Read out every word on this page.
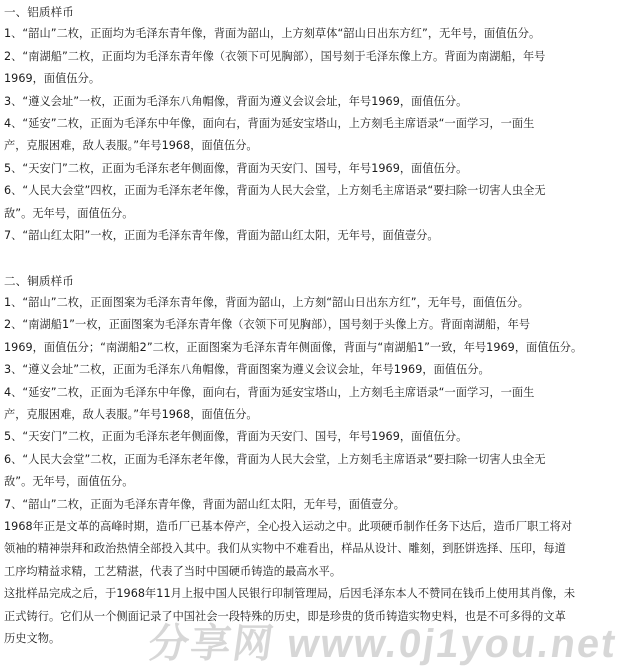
一、铝质样币
1、“韶山”二枚，正面均为毛泽东青年像，背面为韶山，上方刻草体“韶山日出东方红”，无年号，面值伍分。
2、“南湖船”二枚，正面均为毛泽东青年像（衣领下可见胸部），国号刻于毛泽东像上方。背面为南湖船，年号
1969，面值伍分。
3、“遵义会址”一枚，正面为毛泽东八角帽像，背面为遵义会议会址，年号1969，面值伍分。
4、“延安”二枚，正面为毛泽东中年像，面向右，背面为延安宝塔山，上方刻毛主席语录“一面学习，一面生
产，克服困难，敌人表服。”年号1968，面值伍分。
5、“天安门”二枚，正面为毛泽东老年侧面像，背面为天安门、国号，年号1969，面值伍分。
6、“人民大会堂”四枚，正面为毛泽东老年像，背面为人民大会堂，上方刻毛主席语录“要扫除一切害人虫全无
敌”。无年号，面值伍分。
7、“韶山红太阳”一枚，正面为毛泽东青年像，背面为韶山红太阳，无年号，面值壹分。
二、铜质样币
1、“韶山”二枚，正面图案为毛泽东青年像，背面为韶山，上方刻“韶山日出东方红”，无年号，面值伍分。
2、“南湖船1”一枚，正面图案为毛泽东青年像（衣领下可见胸部），国号刻于头像上方。背面南湖船，年号
1969，面值伍分；“南湖船2”二枚，正面图案为毛泽东青年侧面像，背面与“南湖船1”一致，年号1969，面值伍分。
3、“遵义会址”二枚，正面为毛泽东八角帽像，背面图案为遵义会议会址，年号1969，面值伍分。
4、“延安”二枚，正面为毛泽东中年像，面向右，背面为延安宝塔山，上方刻毛主席语录“一面学习，一面生
产，克服困难，敌人表服。”年号1968，面值伍分。
5、“天安门”二枚，正面为毛泽东老年侧面像，背面为天安门、国号，年号1969，面值伍分。
6、“人民大会堂”二枚，正面为毛泽东老年像，背面为人民大会堂，上方刻毛主席语录“要扫除一切害人虫全无
敌”。无年号，面值伍分。
7、“韶山”二枚，正面为毛泽东青年像，背面为韶山红太阳，无年号，面值壹分。
1968年正是文革的高峰时期，造币厂已基本停产，全心投入运动之中。此项硬币制作任务下达后，造币厂职工将对
领袖的精神崇拜和政治热情全部投入其中。我们从实物中不难看出，样品从设计、雕刻，到胚饼选择、压印，每道
工序均精益求精，工艺精湛，代表了当时中国硬币铸造的最高水平。
这批样品完成之后，于1968年11月上报中国人民银行印制管理局，后因毛泽东本人不赞同在钱币上使用其肖像，未
正式铸行。它们从一个侧面记录了中国社会一段特殊的历史，即是珍贵的货币铸造实物史料，也是不可多得的文革
历史文物。	分享网 www.0j1you.net
